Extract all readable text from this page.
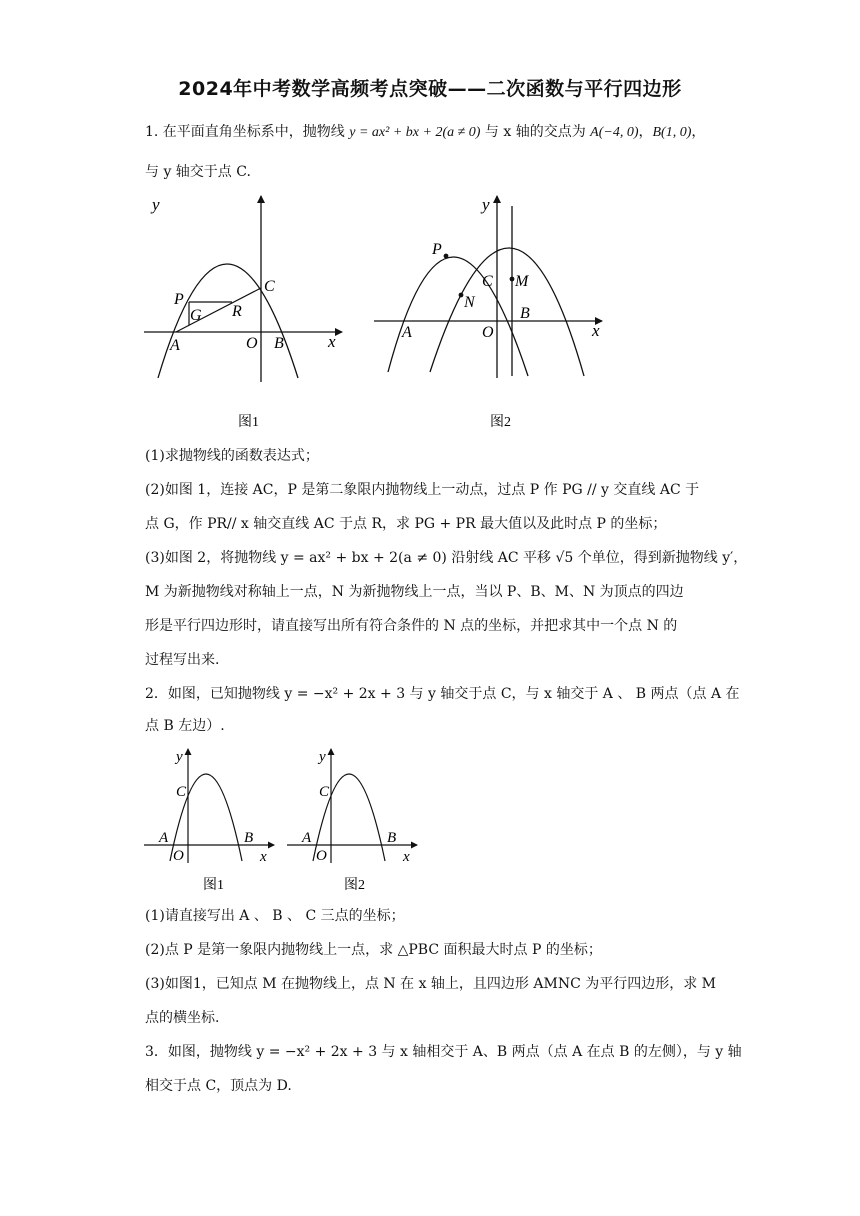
2024年中考数学高频考点突破——二次函数与平行四边形
1. 在平面直角坐标系中，抛物线 y = ax² + bx + 2(a ≠ 0) 与 x 轴的交点为 A(−4, 0)，B(1, 0)，
与 y 轴交于点 C.
y
x
P
G R
C
A	O B
图1
y
x
P
C M
N
A	O
B
图2
(1)求抛物线的函数表达式；
(2)如图 1，连接 AC，P 是第二象限内抛物线上一动点，过点 P 作 PG // y 交直线 AC 于
点 G，作 PR// x 轴交直线 AC 于点 R，求 PG + PR 最大值以及此时点 P 的坐标；
(3)如图 2，将抛物线 y = ax² + bx + 2(a ≠ 0) 沿射线 AC 平移 √5 个单位，得到新抛物线 y′，
M 为新抛物线对称轴上一点，N 为新抛物线上一点，当以 P、B、M、N 为顶点的四边
形是平行四边形时，请直接写出所有符合条件的 N 点的坐标，并把求其中一个点 N 的
过程写出来.
2．如图，已知抛物线 y = −x² + 2x + 3 与 y 轴交于点 C，与 x 轴交于 A 、 B 两点（点 A 在
点 B 左边）.
y
x
C
A
O
B
图1
y
x
C
A
O
B
图2
(1)请直接写出 A 、 B 、 C 三点的坐标；
(2)点 P 是第一象限内抛物线上一点，求 △PBC 面积最大时点 P 的坐标；
(3)如图1，已知点 M 在抛物线上，点 N 在 x 轴上，且四边形 AMNC 为平行四边形，求 M
点的横坐标.
3．如图，抛物线 y = −x² + 2x + 3 与 x 轴相交于 A、B 两点（点 A 在点 B 的左侧），与 y 轴
相交于点 C，顶点为 D.
